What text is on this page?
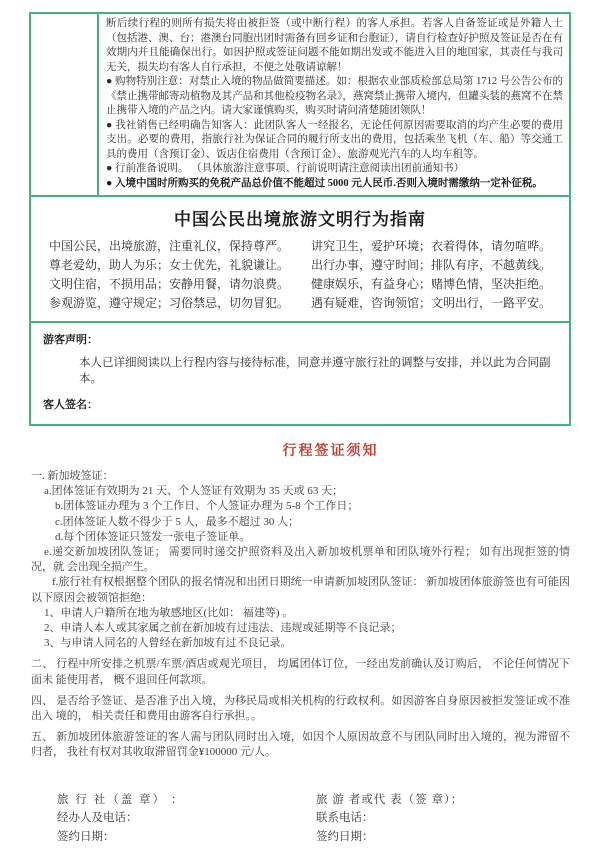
断后续行程的则所有损失将由被拒签（或中断行程）的客人承担。若客人自备签证或是外籍人士（包括港、澳、台；港澳台同胞出团时需备有回乡证和台胞证），请自行检查好护照及签证是否在有效期内并且能确保出行。如因护照或签证问题不能如期出发或不能进入目的地国家，其责任与我司无关，损失均有客人自行承担，不便之处敬请谅解！

● 购物特别注意：对禁止入境的物品做简要描述。如：根据农业部质检部总局第 1712 号公告公布的《禁止携带邮寄动植物及其产品和其他检疫物名录》，燕窝禁止携带入境内，但罐头装的燕窝不在禁止携带入境的产品之内。请大家谨慎购买，购买时请问清楚随团领队！

● 我社销售已经明确告知客人：此团队客人一经报名，无论任何原因需要取消的均产生必要的费用支出。必要的费用，指旅行社为保证合同的履行所支出的费用，包括乘坐飞机（车、船）等交通工具的费用（含预订金）、饭店住宿费用（含预订金）、旅游观光汽车的人均车租等。

● 行前准备说明。 （具体旅游注意事项、行前说明请注意阅读出团前通知书）

● 入境中国时所购买的免税产品总价值不能超过 5000 元人民币.否则入境时需缴纳一定补征税。

中国公民出境旅游文明行为指南
中国公民，出境旅游，注重礼仪，保持尊严。 讲究卫生，爱护环境；衣着得体，请勿喧哗。
尊老爱幼，助人为乐；女士优先，礼貌谦让。 出行办事，遵守时间；排队有序，不越黄线。
文明住宿，不损用品；安静用餐，请勿浪费。 健康娱乐，有益身心；赌博色情，坚决拒绝。
参观游览，遵守规定；习俗禁忌，切勿冒犯。 遇有疑难，咨询领馆；文明出行，一路平安。
游客声明：
本人已详细阅读以上行程内容与接待标准，同意并遵守旅行社的调整与安排，并以此为合同副本。
客人签名：
行程签证须知
一. 新加坡签证：
a.团体签证有效期为 21 天、个人签证有效期为 35 天或 63 天；
b.团体签证办理为 3 个工作日、个人签证办理为 5-8 个工作日；
c.团体签证人数不得少于 5 人，最多不超过 30 人；
d.每个团体签证只签发一张电子签证单。
e.递交新加坡团队签证； 需要同时递交护照资料及出入新加坡机票单和团队境外行程； 如有出现拒签的情况，就 会出现全损产生。
f.旅行社有权根据整个团队的报名情况和出团日期统一申请新加坡团队签证： 新加坡团体旅游签也有可能因以下原因会被领馆拒绝：
1、申请人户籍所在地为敏感地区(比如： 福建等) 。
2、申请人本人或其家属之前在新加坡有过违法、违规或延期等不良记录；
3、与申请人同名的人曾经在新加坡有过不良记录。
二、 行程中所安排之机票/车票/酒店或观光项目， 均属团体订位，一经出发前确认及订购后， 不论任何情况下面未 能使用者， 概不退回任何款项。
四、 是否给予签证、是否准予出入境，为移民局或相关机构的行政权利。如因游客自身原因被拒发签证或不准出入 境的， 相关责任和费用由游客自行承担。。
五、 新加坡团体旅游签证的客人需与团队同时出入境，如因个人原因故意不与团队同时出入境的，视为滞留不归者， 我社有权对其收取滞留罚金¥100000 元/人。
旅 行 社（盖 章） ：
经办人及电话：
签约日期：
旅 游 者或代 表（签 章）：
联系电话：
签约日期：
